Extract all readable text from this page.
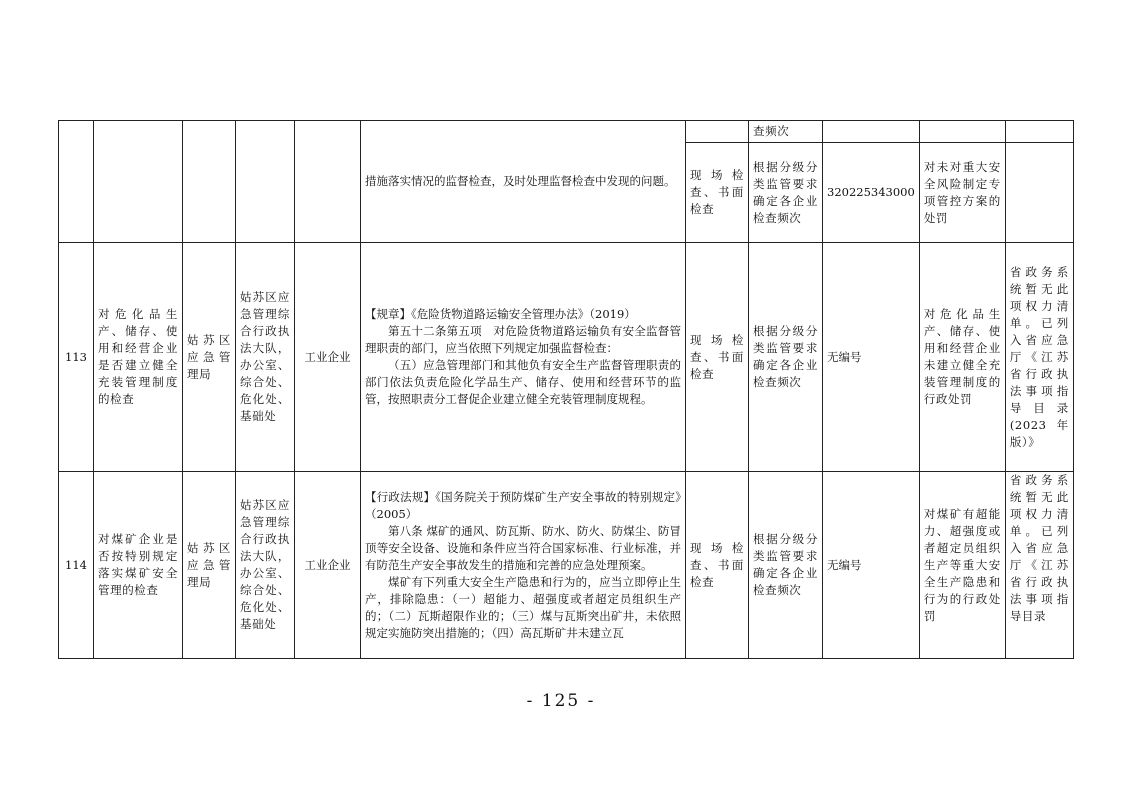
					措施落实情况的监督检查，及时处理监督检查中发现的问题。		查频次			
						现场检查、书面检查	根据分级分类监管要求确定各企业检查频次	320225343000	对未对重大安全风险制定专项管控方案的处罚	
113	对危化品生产、储存、使用和经营企业是否建立健全充装管理制度的检查	姑苏区应急管理局	姑苏区应急管理综合行政执法大队，办公室、综合处、危化处、基础处	工业企业	【规章】《危险货物道路运输安全管理办法》（2019）

第五十二条第五项　对危险货物道路运输负有安全监督管理职责的部门，应当依照下列规定加强监督检查：

（五）应急管理部门和其他负有安全生产监督管理职责的部门依法负责危险化学品生产、储存、使用和经营环节的监管，按照职责分工督促企业建立健全充装管理制度规程。	现场检查、书面检查	根据分级分类监管要求确定各企业检查频次	无编号	对危化品生产、储存、使用和经营企业未建立健全充装管理制度的行政处罚	省政务系统暂无此项权力清单。已列入省应急厅《江苏省行政执法事项指导目录(2023年版）》
114	对煤矿企业是否按特别规定落实煤矿安全管理的检查	姑苏区应急管理局	姑苏区应急管理综合行政执法大队，办公室、综合处、危化处、基础处	工业企业	【行政法规】《国务院关于预防煤矿生产安全事故的特别规定》（2005）

第八条 煤矿的通风、防瓦斯、防水、防火、防煤尘、防冒顶等安全设备、设施和条件应当符合国家标准、行业标准，并有防范生产安全事故发生的措施和完善的应急处理预案。

煤矿有下列重大安全生产隐患和行为的，应当立即停止生产，排除隐患：（一）超能力、超强度或者超定员组织生产的；（二）瓦斯超限作业的；（三）煤与瓦斯突出矿井，未依照规定实施防突出措施的；（四）高瓦斯矿井未建立瓦	现场检查、书面检查	根据分级分类监管要求确定各企业检查频次	无编号	对煤矿有超能力、超强度或者超定员组织生产等重大安全生产隐患和行为的行政处罚	省政务系统暂无此项权力清单。已列入省应急厅《江苏省行政执法事项指导目录
- 125 -
